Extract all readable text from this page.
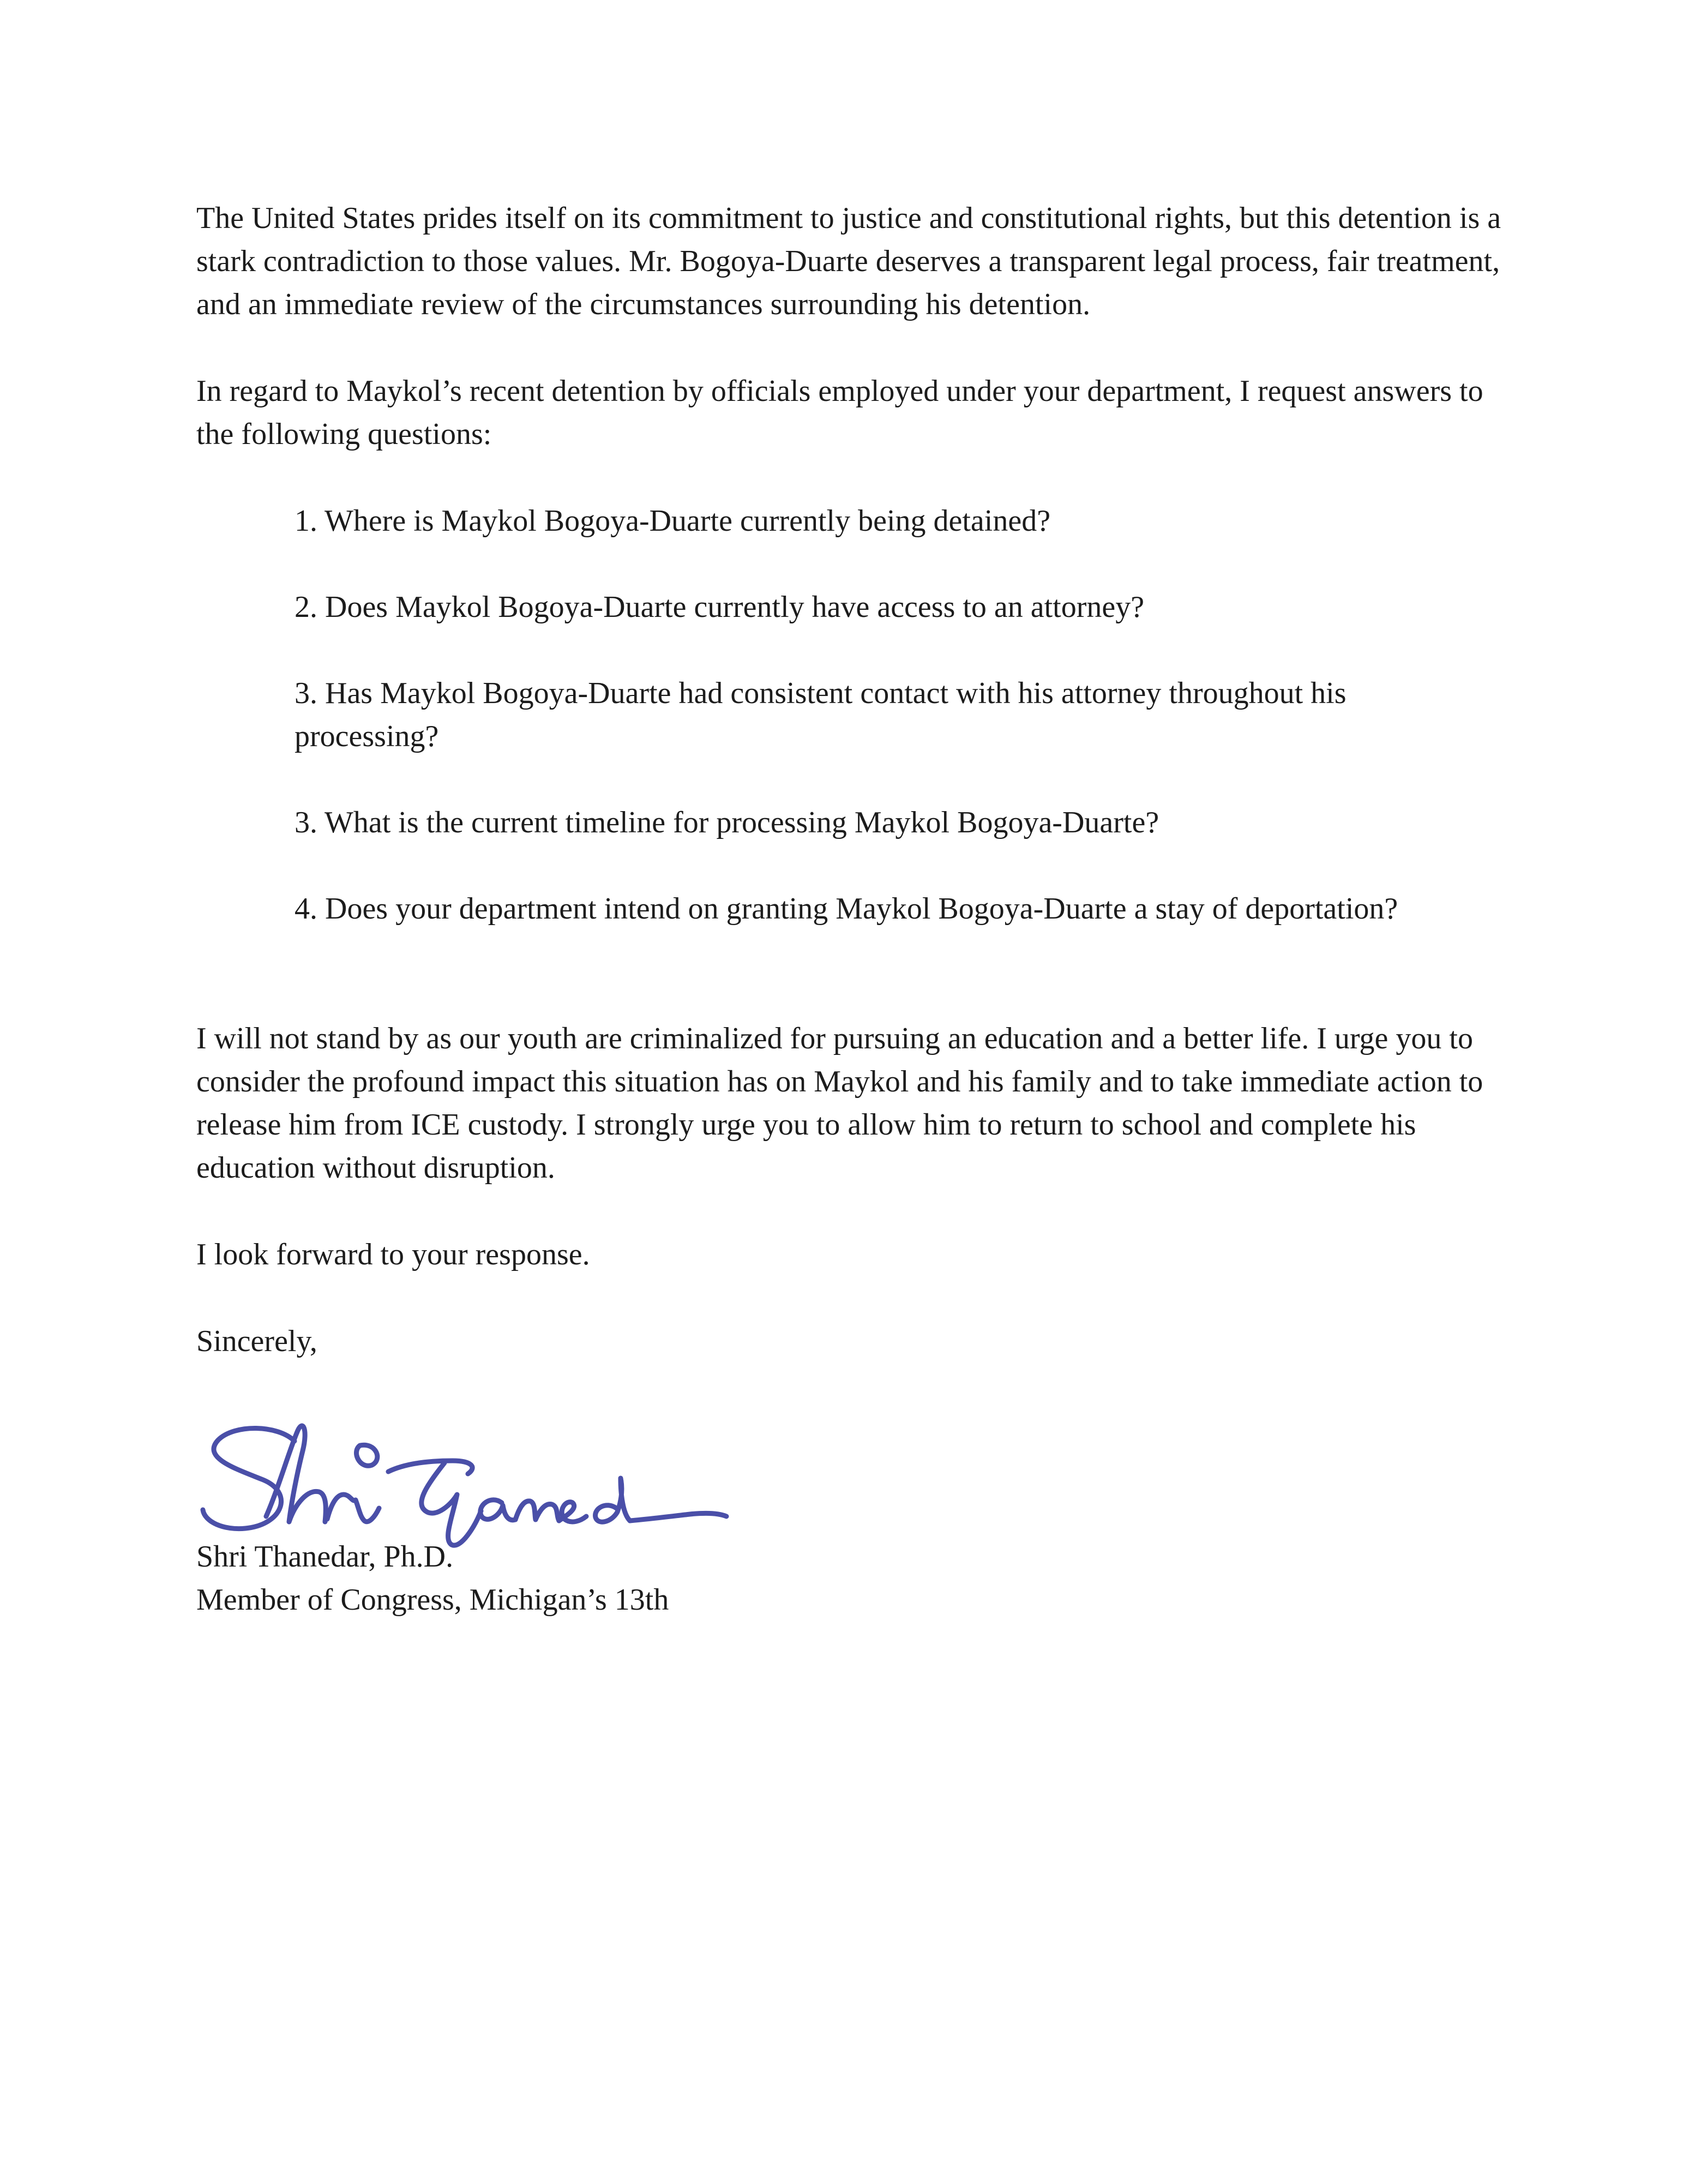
The United States prides itself on its commitment to justice and constitutional rights, but this detention is a stark contradiction to those values. Mr. Bogoya-Duarte deserves a transparent legal process, fair treatment, and an immediate review of the circumstances surrounding his detention.

In regard to Maykol’s recent detention by officials employed under your department, I request answers to the following questions:

1. Where is Maykol Bogoya-Duarte currently being detained?

2. Does Maykol Bogoya-Duarte currently have access to an attorney?

3. Has Maykol Bogoya-Duarte had consistent contact with his attorney throughout his processing?

3. What is the current timeline for processing Maykol Bogoya-Duarte?

4. Does your department intend on granting Maykol Bogoya-Duarte a stay of deportation?

I will not stand by as our youth are criminalized for pursuing an education and a better life. I urge you to consider the profound impact this situation has on Maykol and his family and to take immediate action to release him from ICE custody. I strongly urge you to allow him to return to school and complete his education without disruption.

I look forward to your response.

Sincerely,

Shri Thanedar, Ph.D.

Member of Congress, Michigan’s 13th
